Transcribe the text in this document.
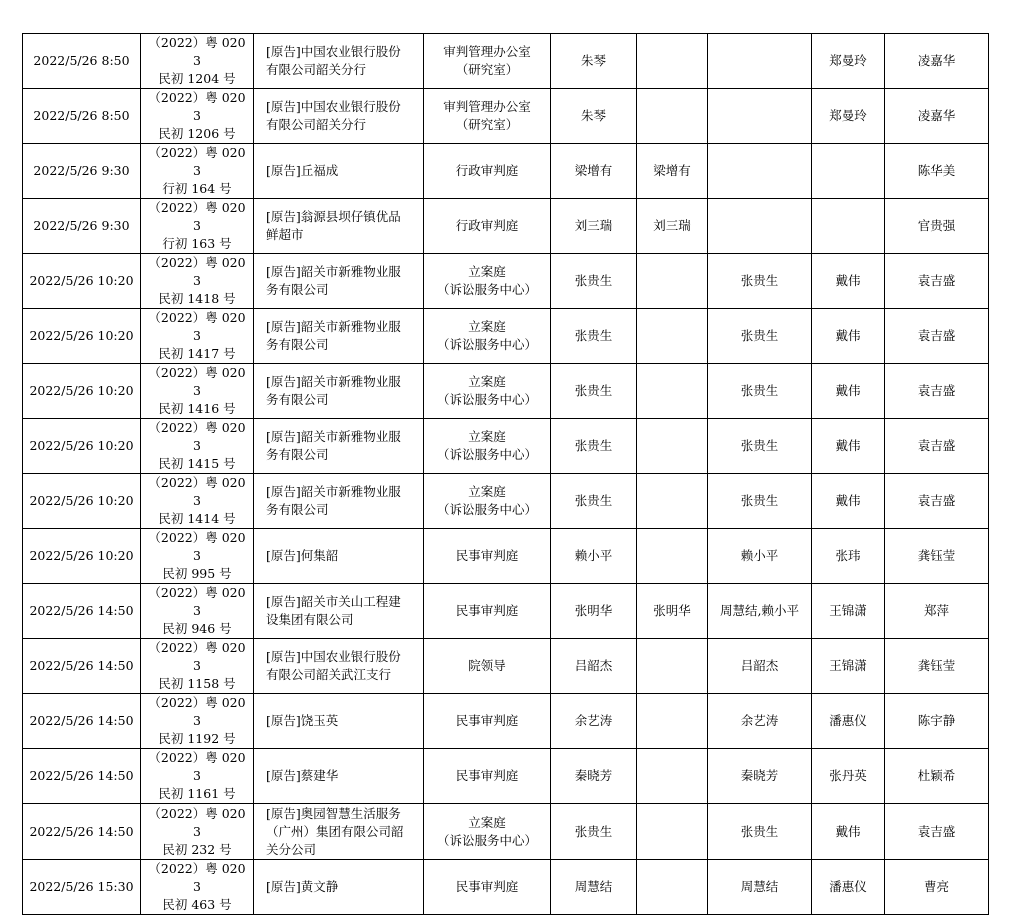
2022/5/26 8:50	（2022）粤 0203
民初 1204 号	[原告]中国农业银行股份
有限公司韶关分行	审判管理办公室
（研究室）	朱琴			郑曼玲	凌嘉华
2022/5/26 8:50	（2022）粤 0203
民初 1206 号	[原告]中国农业银行股份
有限公司韶关分行	审判管理办公室
（研究室）	朱琴			郑曼玲	凌嘉华
2022/5/26 9:30	（2022）粤 0203
行初 164 号	[原告]丘福成	行政审判庭	梁增有	梁增有			陈华美
2022/5/26 9:30	（2022）粤 0203
行初 163 号	[原告]翁源县坝仔镇优品
鲜超市	行政审判庭	刘三瑞	刘三瑞			官贵强
2022/5/26 10:20	（2022）粤 0203
民初 1418 号	[原告]韶关市新雅物业服
务有限公司	立案庭
（诉讼服务中心）	张贵生		张贵生	戴伟	袁吉盛
2022/5/26 10:20	（2022）粤 0203
民初 1417 号	[原告]韶关市新雅物业服
务有限公司	立案庭
（诉讼服务中心）	张贵生		张贵生	戴伟	袁吉盛
2022/5/26 10:20	（2022）粤 0203
民初 1416 号	[原告]韶关市新雅物业服
务有限公司	立案庭
（诉讼服务中心）	张贵生		张贵生	戴伟	袁吉盛
2022/5/26 10:20	（2022）粤 0203
民初 1415 号	[原告]韶关市新雅物业服
务有限公司	立案庭
（诉讼服务中心）	张贵生		张贵生	戴伟	袁吉盛
2022/5/26 10:20	（2022）粤 0203
民初 1414 号	[原告]韶关市新雅物业服
务有限公司	立案庭
（诉讼服务中心）	张贵生		张贵生	戴伟	袁吉盛
2022/5/26 10:20	（2022）粤 0203
民初 995 号	[原告]何集韶	民事审判庭	赖小平		赖小平	张玮	龚钰莹
2022/5/26 14:50	（2022）粤 0203
民初 946 号	[原告]韶关市关山工程建
设集团有限公司	民事审判庭	张明华	张明华	周慧结,赖小平	王锦潇	郑萍
2022/5/26 14:50	（2022）粤 0203
民初 1158 号	[原告]中国农业银行股份
有限公司韶关武江支行	院领导	吕韶杰		吕韶杰	王锦潇	龚钰莹
2022/5/26 14:50	（2022）粤 0203
民初 1192 号	[原告]饶玉英	民事审判庭	余艺涛		余艺涛	潘惠仪	陈宇静
2022/5/26 14:50	（2022）粤 0203
民初 1161 号	[原告]蔡建华	民事审判庭	秦晓芳		秦晓芳	张丹英	杜颖希
2022/5/26 14:50	（2022）粤 0203
民初 232 号	[原告]奥园智慧生活服务
（广州）集团有限公司韶
关分公司	立案庭
（诉讼服务中心）	张贵生		张贵生	戴伟	袁吉盛
2022/5/26 15:30	（2022）粤 0203
民初 463 号	[原告]黄文静	民事审判庭	周慧结		周慧结	潘惠仪	曹亮
